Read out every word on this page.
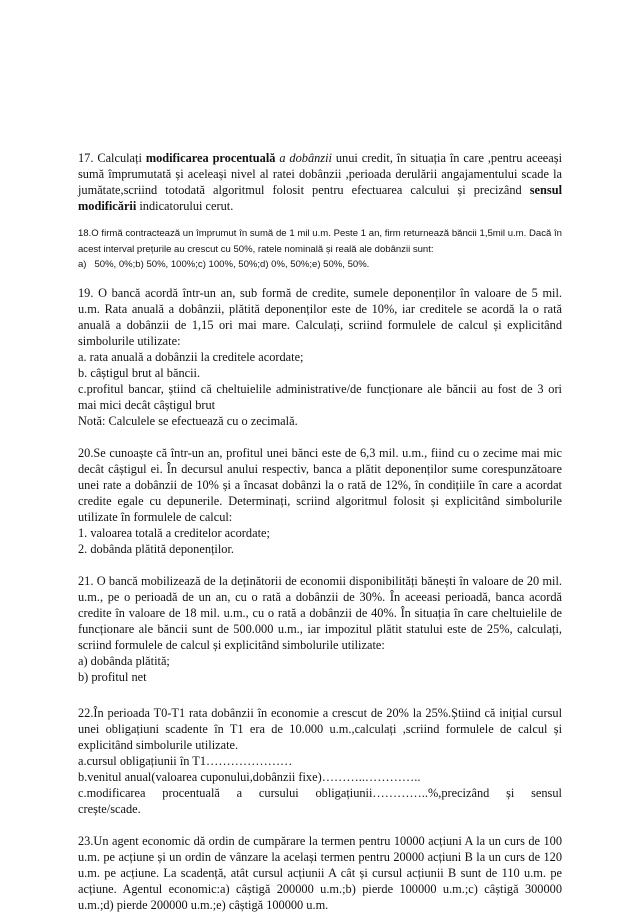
17. Calculați modificarea procentuală a dobânzii unui credit, în situația în care ,pentru aceeași sumă împrumutată și aceleași nivel al ratei dobânzii ,perioada derulării angajamentului scade la jumătate,scriind totodată algoritmul folosit pentru efectuarea calcului și precizând sensul modificării indicatorului cerut.

18.O firmă contractează un împrumut în sumă de 1 mil u.m. Peste 1 an, firm returnează băncii 1,5mil u.m. Dacă în acest interval prețurile au crescut cu 50%, ratele nominală și reală ale dobânzii sunt:

a)   50%, 0%;b) 50%, 100%;c) 100%, 50%;d) 0%, 50%;e) 50%, 50%.

19. O bancă acordă într-un an, sub formă de credite, sumele deponenților în valoare de 5 mil. u.m. Rata anuală a dobânzii, plătită deponenților este de 10%, iar creditele se acordă la o rată anuală a dobânzii de 1,15 ori mai mare. Calculați, scriind formulele de calcul și explicitând simbolurile utilizate:

a. rata anuală a dobânzii la creditele acordate;

b. câștigul brut al băncii.

c.profitul bancar, știind că cheltuielile administrative/de funcționare ale băncii au fost de 3 ori mai mici decât câștigul brut

Notă: Calculele se efectuează cu o zecimală.

20.Se cunoaște că într-un an, profitul unei bănci este de 6,3 mil. u.m., fiind cu o zecime mai mic decât câștigul ei. În decursul anului respectiv, banca a plătit deponenților sume corespunzătoare unei rate a dobânzii de 10% și a încasat dobânzi la o rată de 12%, în condițiile în care a acordat credite egale cu depunerile. Determinați, scriind algoritmul folosit și explicitând simbolurile utilizate în formulele de calcul:

1. valoarea totală a creditelor acordate;

2. dobânda plătită deponenților.

21. O bancă mobilizează de la deținătorii de economii disponibilități bănești în valoare de 20 mil. u.m., pe o perioadă de un an, cu o rată a dobânzii de 30%. În aceeasi perioadă, banca acordă credite în valoare de 18 mil. u.m., cu o rată a dobânzii de 40%. În situația în care cheltuielile de funcționare ale băncii sunt de 500.000 u.m., iar impozitul plătit statului este de 25%, calculați, scriind formulele de calcul și explicitând simbolurile utilizate:

a) dobânda plătită;

b) profitul net

22.În perioada T0-T1 rata dobânzii în economie a crescut de 20% la 25%.Știind că inițial cursul unei obligațiuni scadente în T1 era de 10.000 u.m.,calculați ,scriind formulele de calcul și explicitând simbolurile utilizate.

a.cursul obligațiunii în T1…………………

b.venitul anual(valoarea cuponului,dobânzii fixe)………..…………..

c.modificarea procentuală a cursului obligațiunii…………..%,precizând și sensul

crește/scade.

23.Un agent economic dă ordin de cumpărare la termen pentru 10000 acțiuni A la un curs de 100 u.m. pe acțiune și un ordin de vânzare la același termen pentru 20000 acțiuni B la un curs de 120 u.m. pe acțiune. La scadență, atât cursul acțiunii A cât și cursul acțiunii B sunt de 110 u.m. pe acțiune. Agentul economic:a) câștigă 200000 u.m.;b) pierde 100000 u.m.;c) câștigă 300000 u.m.;d) pierde 200000 u.m.;e) câștigă 100000 u.m.
